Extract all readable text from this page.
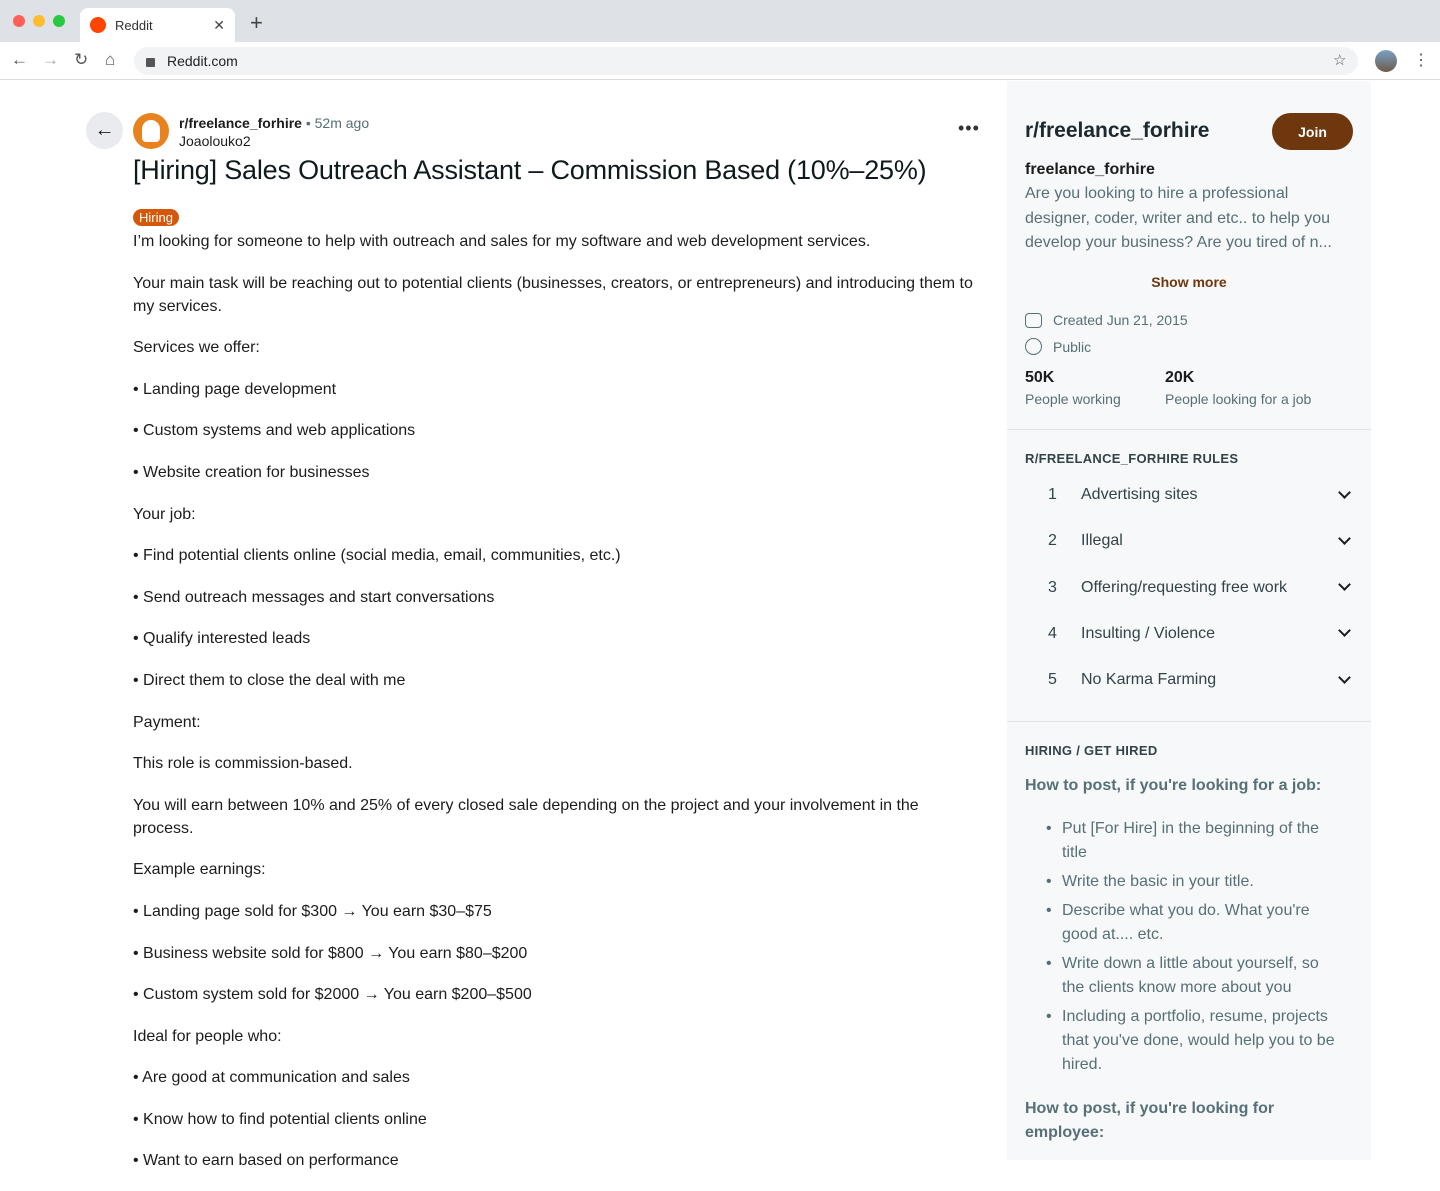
Reddit	✕ +
← → ↻ ⌂	Reddit.com	☆	⋮
←	r/freelance_forhire • 52m ago
Joaolouko2
•••
[Hiring] Sales Outreach Assistant – Commission Based (10%–25%)
Hiring

I’m looking for someone to help with outreach and sales for my software and web development services.

Your main task will be reaching out to potential clients (businesses, creators, or entrepreneurs) and introducing them to my services.

Services we offer:

• Landing page development

• Custom systems and web applications

• Website creation for businesses

Your job:

• Find potential clients online (social media, email, communities, etc.)

• Send outreach messages and start conversations

• Qualify interested leads

• Direct them to close the deal with me

Payment:

This role is commission-based.

You will earn between 10% and 25% of every closed sale depending on the project and your involvement in the process.

Example earnings:

• Landing page sold for $300 → You earn $30–$75

• Business website sold for $800 → You earn $80–$200

• Custom system sold for $2000 → You earn $200–$500

Ideal for people who:

• Are good at communication and sales

• Know how to find potential clients online

• Want to earn based on performance

r/freelance_forhire	Join
freelance_forhire
Are you looking to hire a professional designer, coder, writer and etc.. to help you develop your business? Are you tired of n...
Show more
Created Jun 21, 2015
Public
50K
People working
20K
People looking for a job
R/FREELANCE_FORHIRE RULES
1	Advertising sites
2	Illegal
3	Offering/requesting free work
4	Insulting / Violence
5	No Karma Farming
HIRING / GET HIRED
How to post, if you're looking for a job:
• Put [For Hire] in the beginning of the title
• Write the basic in your title.
• Describe what you do. What you're good at.... etc.
• Write down a little about yourself, so the clients know more about you
• Including a portfolio, resume, projects that you've done, would help you to be hired.
How to post, if you're looking for employee:
